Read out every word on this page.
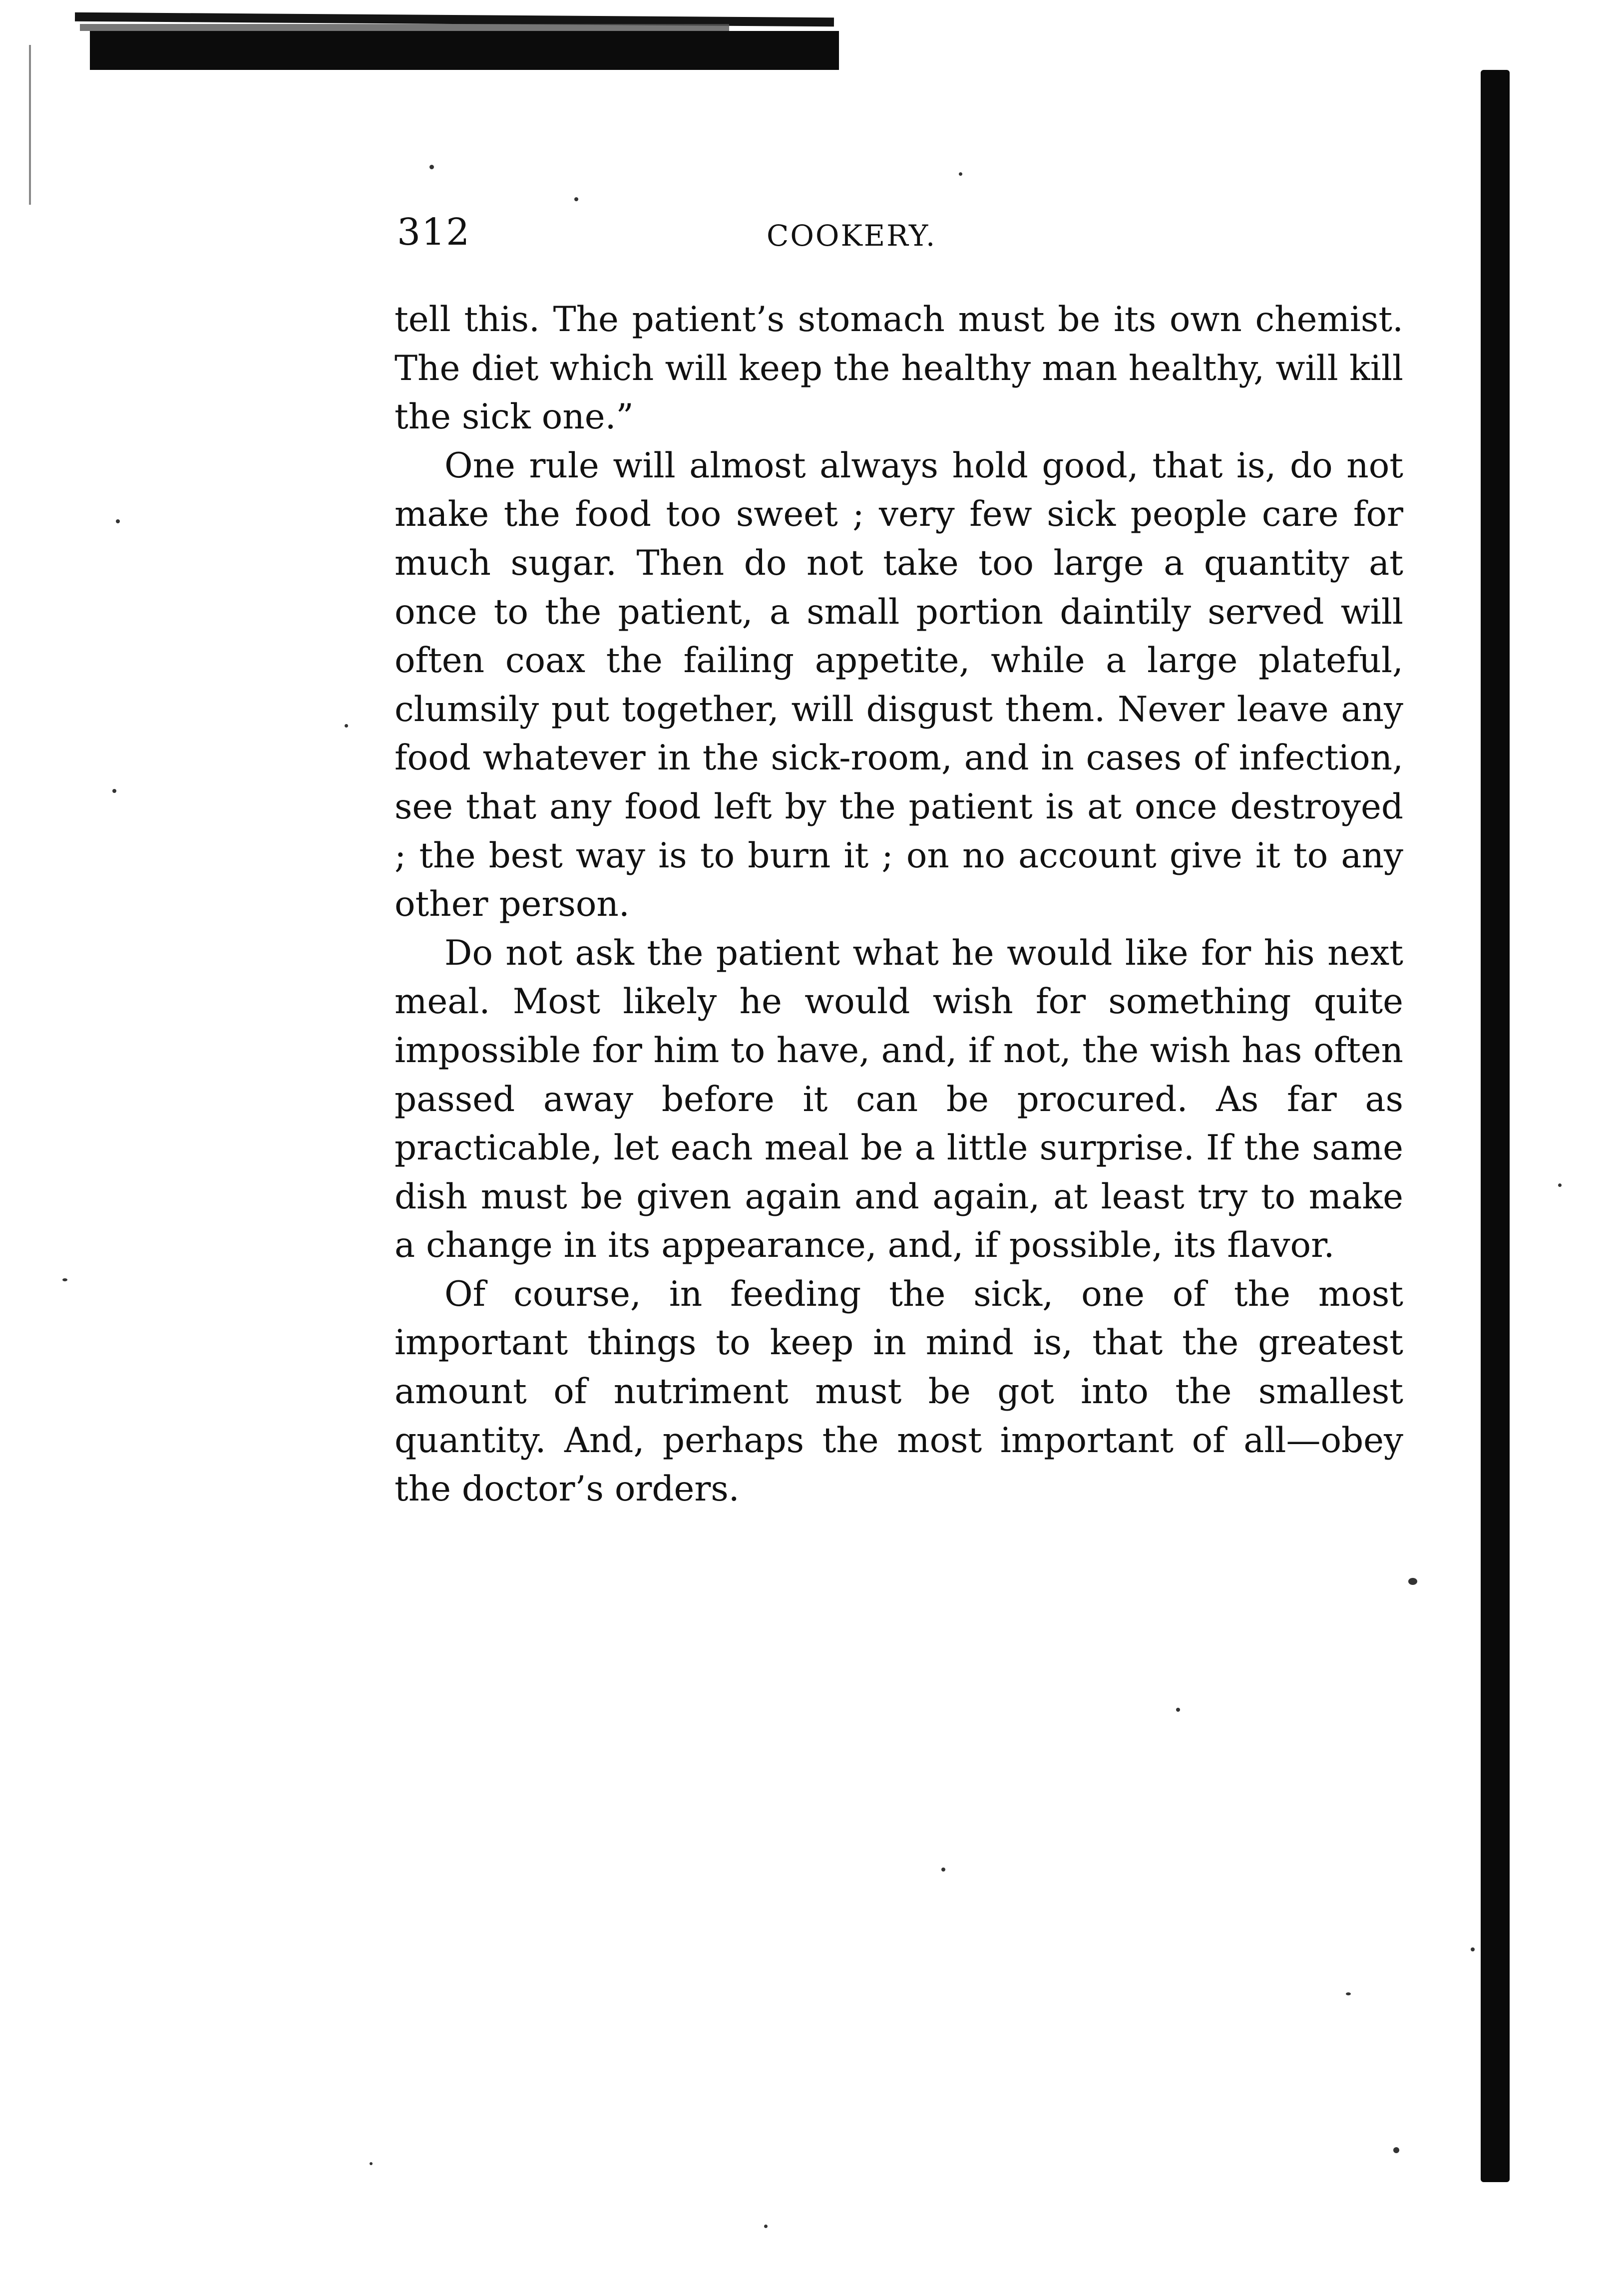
312	COOKERY.

tell this. The patient’s stomach must be its own chemist. The diet which will keep the healthy man healthy, will kill the sick one.”

One rule will almost always hold good, that is, do not make the food too sweet ; very few sick people care for much sugar. Then do not take too large a quantity at once to the patient, a small portion daintily served will often coax the failing appetite, while a large plateful, clumsily put together, will disgust them. Never leave any food whatever in the sick-room, and in cases of infection, see that any food left by the patient is at once destroyed ; the best way is to burn it ; on no account give it to any other person.

Do not ask the patient what he would like for his next meal. Most likely he would wish for something quite impossible for him to have, and, if not, the wish has often passed away before it can be procured. As far as practicable, let each meal be a little surprise. If the same dish must be given again and again, at least try to make a change in its appearance, and, if possible, its flavor.

Of course, in feeding the sick, one of the most important things to keep in mind is, that the greatest amount of nutriment must be got into the smallest quantity. And, perhaps the most important of all—obey the doctor’s orders.
